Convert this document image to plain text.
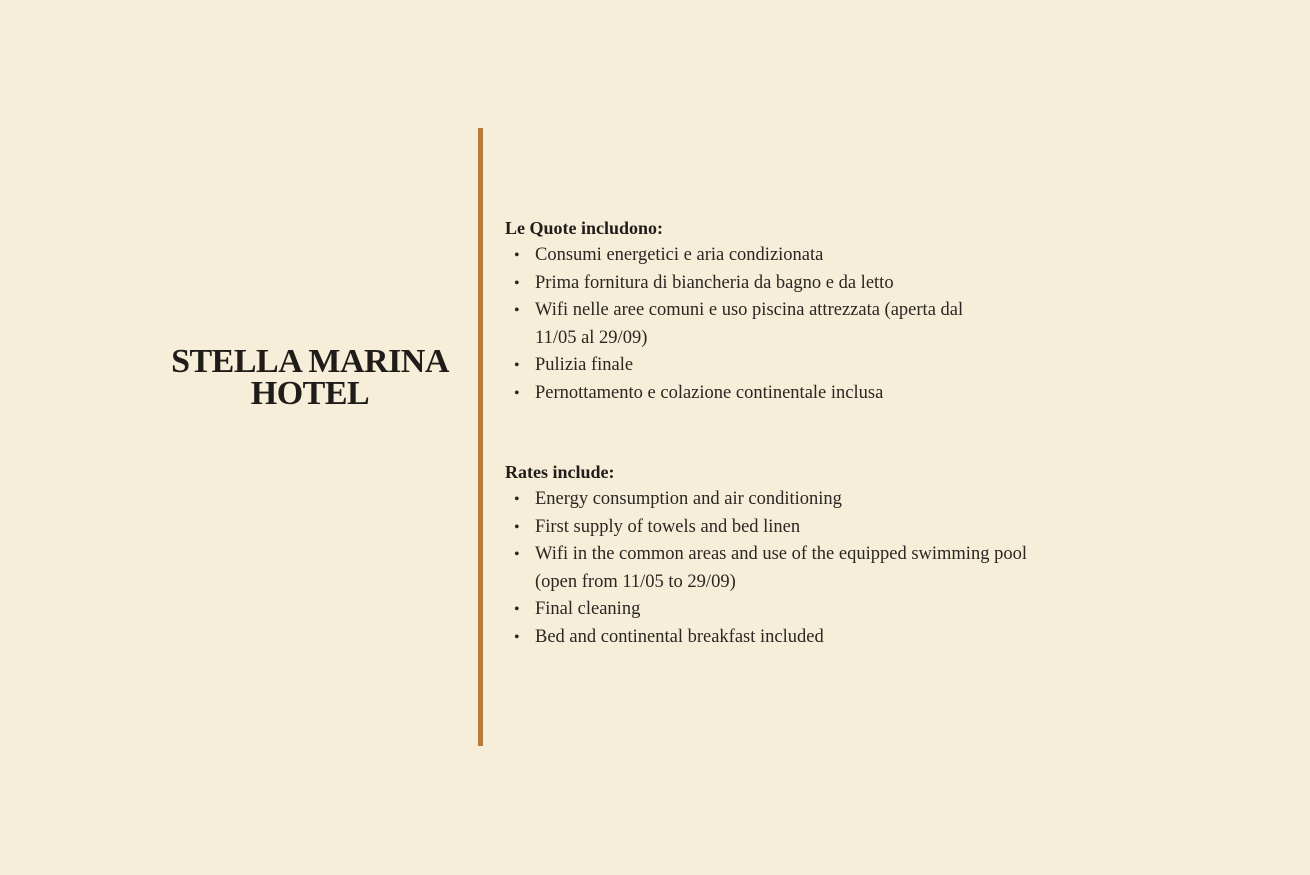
STELLA MARINA
HOTEL

Le Quote includono:

• Consumi energetici e aria condizionata
• Prima fornitura di biancheria da bagno e da letto
• Wifi nelle aree comuni e uso piscina attrezzata (aperta dal 11/05 al 29/09)
• Pulizia finale
• Pernottamento e colazione continentale inclusa

Rates include:

• Energy consumption and air conditioning
• First supply of towels and bed linen
• Wifi in the common areas and use of the equipped swimming pool (open from 11/05 to 29/09)
• Final cleaning
• Bed and continental breakfast included
